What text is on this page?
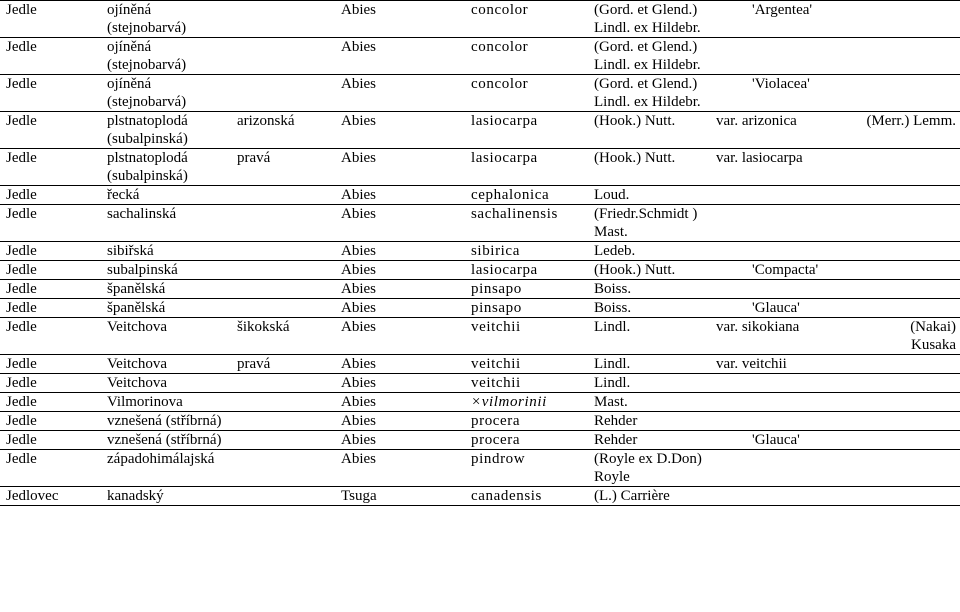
Jedle	ojíněná (stejnobarvá)		Abies	concolor	(Gord. et Glend.) Lindl. ex Hildebr.		'Argentea'	
Jedle	ojíněná (stejnobarvá)		Abies	concolor	(Gord. et Glend.) Lindl. ex Hildebr.			
Jedle	ojíněná (stejnobarvá)		Abies	concolor	(Gord. et Glend.) Lindl. ex Hildebr.		'Violacea'	
Jedle	plstnatoplodá (subalpinská)	arizonská	Abies	lasiocarpa	(Hook.) Nutt.	var. arizonica		(Merr.) Lemm.
Jedle	plstnatoplodá (subalpinská)	pravá	Abies	lasiocarpa	(Hook.) Nutt.	var. lasiocarpa		
Jedle	řecká		Abies	cephalonica	Loud.			
Jedle	sachalinská		Abies	sachalinensis	(Friedr.Schmidt ) Mast.			
Jedle	sibiřská		Abies	sibirica	Ledeb.			
Jedle	subalpinská		Abies	lasiocarpa	(Hook.) Nutt.		'Compacta'	
Jedle	španělská		Abies	pinsapo	Boiss.			
Jedle	španělská		Abies	pinsapo	Boiss.		'Glauca'	
Jedle	Veitchova	šikokská	Abies	veitchii	Lindl.	var. sikokiana		(Nakai) Kusaka
Jedle	Veitchova	pravá	Abies	veitchii	Lindl.	var. veitchii		
Jedle	Veitchova		Abies	veitchii	Lindl.			
Jedle	Vilmorinova		Abies	×vilmorinii	Mast.			
Jedle	vznešená (stříbrná)		Abies	procera	Rehder			
Jedle	vznešená (stříbrná)		Abies	procera	Rehder		'Glauca'	
Jedle	západohimálajská		Abies	pindrow	(Royle ex D.Don) Royle			
Jedlovec	kanadský		Tsuga	canadensis	(L.) Carrière			
